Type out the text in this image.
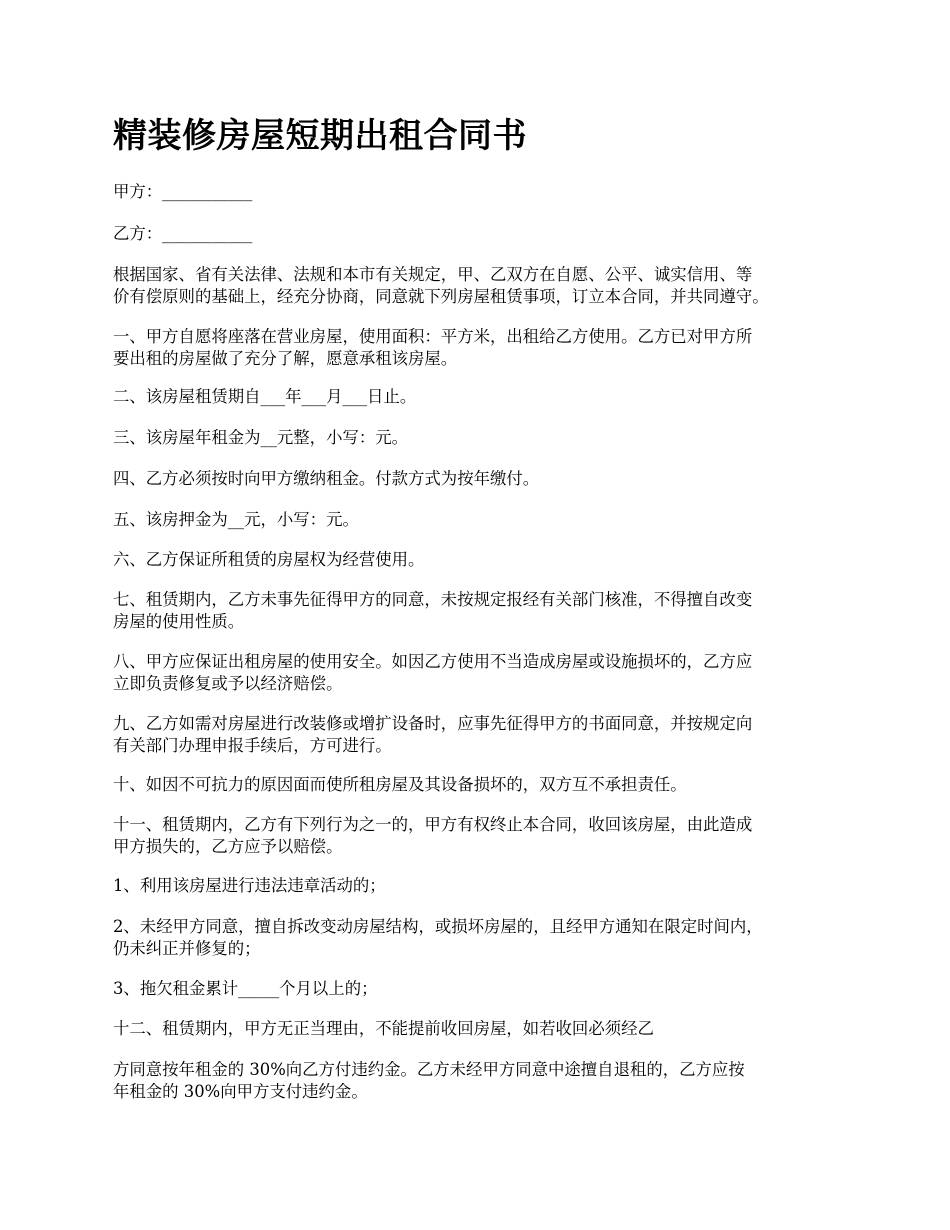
精装修房屋短期出租合同书

甲方：___________

乙方：___________

根据国家、省有关法律、法规和本市有关规定，甲、乙双方在自愿、公平、诚实信用、等
价有偿原则的基础上，经充分协商，同意就下列房屋租赁事项，订立本合同，并共同遵守。

一、甲方自愿将座落在营业房屋，使用面积：平方米，出租给乙方使用。乙方已对甲方所
要出租的房屋做了充分了解，愿意承租该房屋。

二、该房屋租赁期自___年___月___日止。

三、该房屋年租金为__元整，小写：元。

四、乙方必须按时向甲方缴纳租金。付款方式为按年缴付。

五、该房押金为__元，小写：元。

六、乙方保证所租赁的房屋权为经营使用。

七、租赁期内，乙方未事先征得甲方的同意，未按规定报经有关部门核准，不得擅自改变
房屋的使用性质。

八、甲方应保证出租房屋的使用安全。如因乙方使用不当造成房屋或设施损坏的，乙方应
立即负责修复或予以经济赔偿。

九、乙方如需对房屋进行改装修或增扩设备时，应事先征得甲方的书面同意，并按规定向
有关部门办理申报手续后，方可进行。

十、如因不可抗力的原因面而使所租房屋及其设备损坏的，双方互不承担责任。

十一、租赁期内，乙方有下列行为之一的，甲方有权终止本合同，收回该房屋，由此造成
甲方损失的，乙方应予以赔偿。

1、利用该房屋进行违法违章活动的；

2、未经甲方同意，擅自拆改变动房屋结构，或损坏房屋的，且经甲方通知在限定时间内，
仍未纠正并修复的；

3、拖欠租金累计_____个月以上的；

十二、租赁期内，甲方无正当理由，不能提前收回房屋，如若收回必须经乙

方同意按年租金的 30%向乙方付违约金。乙方未经甲方同意中途擅自退租的，乙方应按
年租金的 30%向甲方支付违约金。
